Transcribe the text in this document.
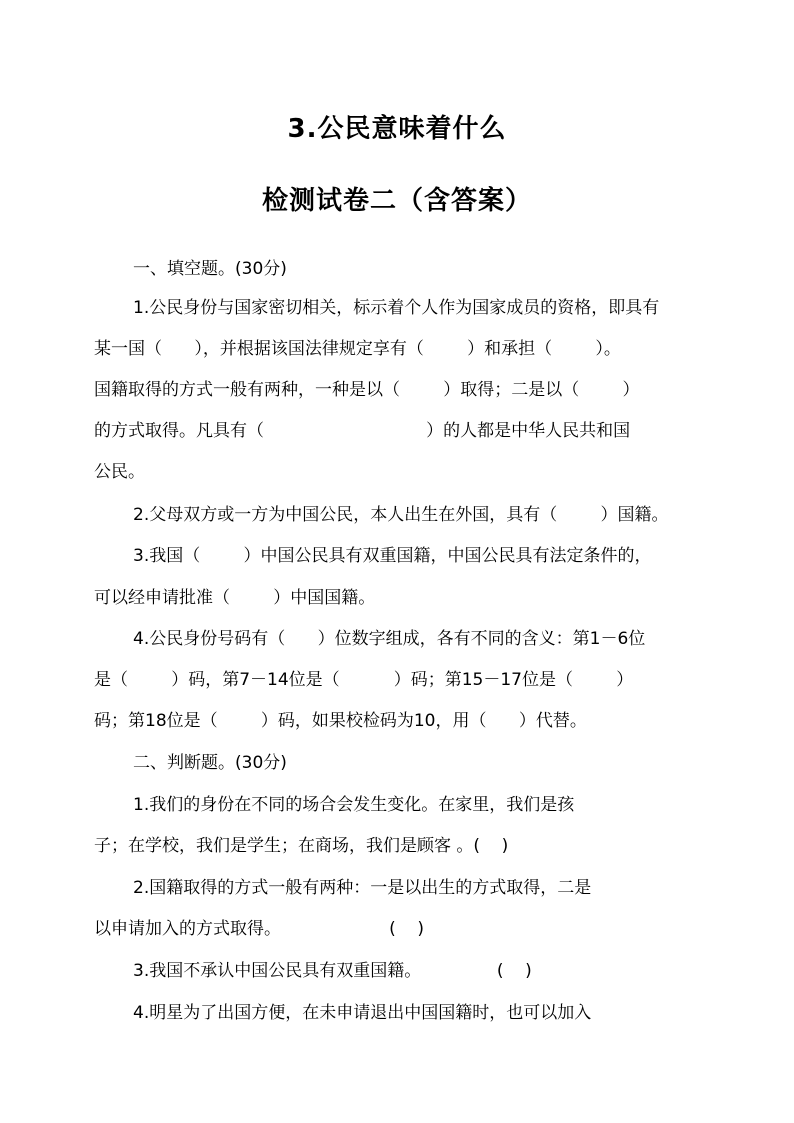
3.公民意味着什么
检测试卷二（含答案）
一、填空题。(30分)
1.公民身份与国家密切相关，标示着个人作为国家成员的资格，即具有
某一国（      ），并根据该国法律规定享有（        ）和承担（        ）。
国籍取得的方式一般有两种，一种是以（        ）取得；二是以（        ）
的方式取得。凡具有（                              ）的人都是中华人民共和国
公民。
2.父母双方或一方为中国公民，本人出生在外国，具有（        ）国籍。
3.我国（        ）中国公民具有双重国籍，中国公民具有法定条件的，
可以经申请批准（        ）中国国籍。
4.公民身份号码有（      ）位数字组成，各有不同的含义：第1－6位
是（        ）码，第7－14位是（          ）码；第15－17位是（        ）
码；第18位是（        ）码，如果校检码为10，用（      ）代替。
二、判断题。(30分)
1.我们的身份在不同的场合会发生变化。在家里，我们是孩
子；在学校，我们是学生；在商场，我们是顾客 。(    )
2.国籍取得的方式一般有两种：一是以出生的方式取得，二是
以申请加入的方式取得。                    (    )
3.我国不承认中国公民具有双重国籍。              (    )
4.明星为了出国方便，在未申请退出中国国籍时，也可以加入
